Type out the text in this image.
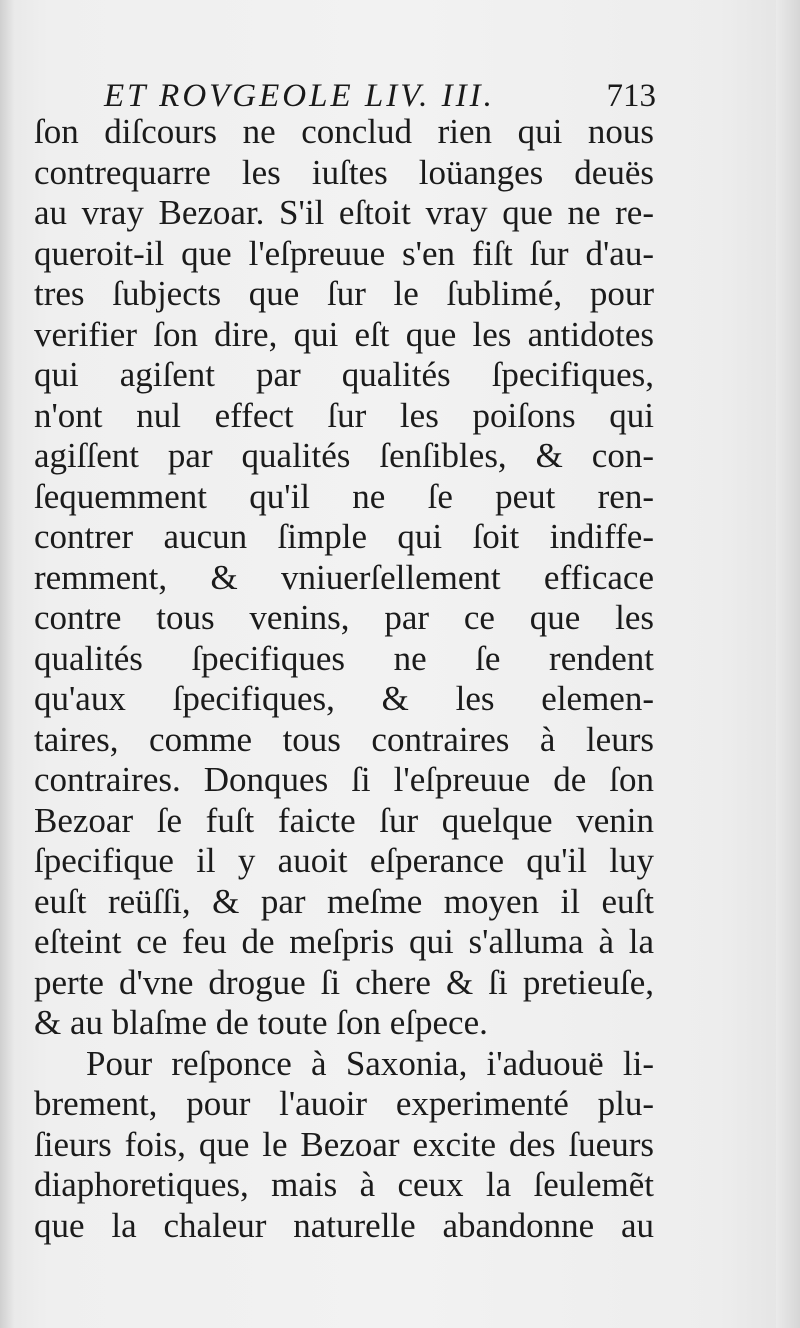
ET ROVGEOLE LIV. III.	713
ſon diſcours ne conclud rien qui nous
contrequarre les iuſtes loüanges deuës
au vray Bezoar. S'il eſtoit vray que ne re-
queroit-il que l'eſpreuue s'en fiſt ſur d'au-
tres ſubjects que ſur le ſublimé, pour
verifier ſon dire, qui eſt que les antidotes
qui agiſent par qualités ſpecifiques,
n'ont nul effect ſur les poiſons qui
agiſſent par qualités ſenſibles, & con-
ſequemment qu'il ne ſe peut ren-
contrer aucun ſimple qui ſoit indiffe-
remment, & vniuerſellement efficace
contre tous venins, par ce que les
qualités ſpecifiques ne ſe rendent
qu'aux ſpecifiques, & les elemen-
taires, comme tous contraires à leurs
contraires. Donques ſi l'eſpreuue de ſon
Bezoar ſe fuſt faicte ſur quelque venin
ſpecifique il y auoit eſperance qu'il luy
euſt reüſſi, & par meſme moyen il euſt
eſteint ce feu de meſpris qui s'alluma à la
perte d'vne drogue ſi chere & ſi pretieuſe,
& au blaſme de toute ſon eſpece.
Pour reſponce à Saxonia, i'aduouë li-
brement, pour l'auoir experimenté plu-
ſieurs fois, que le Bezoar excite des ſueurs
diaphoretiques, mais à ceux la ſeulemẽt
que la chaleur naturelle abandonne au
